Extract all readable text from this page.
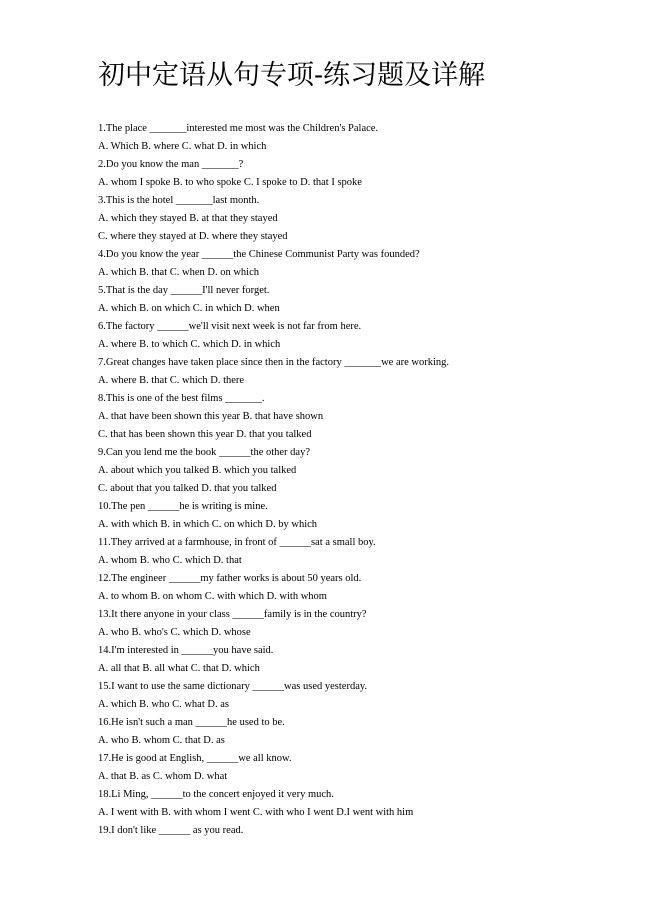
初中定语从句专项-练习题及详解
1.The place _______interested me most was the Children's Palace.
A. Which B. where C. what D. in which
2.Do you know the man _______?
A. whom I spoke B. to who spoke C. I spoke to D. that I spoke
3.This is the hotel _______last month.
A. which they stayed B. at that they stayed
C. where they stayed at D. where they stayed
4.Do you know the year ______the Chinese Communist Party was founded?
A. which B. that C. when D. on which
5.That is the day ______I'll never forget.
A. which B. on which C. in which D. when
6.The factory ______we'll visit next week is not far from here.
A. where B. to which C. which D. in which
7.Great changes have taken place since then in the factory _______we are working.
A. where B. that C. which D. there
8.This is one of the best films _______.
A. that have been shown this year B. that have shown
C. that has been shown this year D. that you talked
9.Can you lend me the book ______the other day?
A. about which you talked B. which you talked
C. about that you talked D. that you talked
10.The pen ______he is writing is mine.
A. with which B. in which C. on which D. by which
11.They arrived at a farmhouse, in front of ______sat a small boy.
A. whom B. who C. which D. that
12.The engineer ______my father works is about 50 years old.
A. to whom B. on whom C. with which D. with whom
13.It there anyone in your class ______family is in the country?
A. who B. who's C. which D. whose
14.I'm interested in ______you have said.
A. all that B. all what C. that D. which
15.I want to use the same dictionary ______was used yesterday.
A. which B. who C. what D. as
16.He isn't such a man ______he used to be.
A. who B. whom C. that D. as
17.He is good at English, ______we all know.
A. that B. as C. whom D. what
18.Li Ming, ______to the concert enjoyed it very much.
A. I went with B. with whom I went C. with who I went D.I went with him
19.I don't like ______ as you read.
